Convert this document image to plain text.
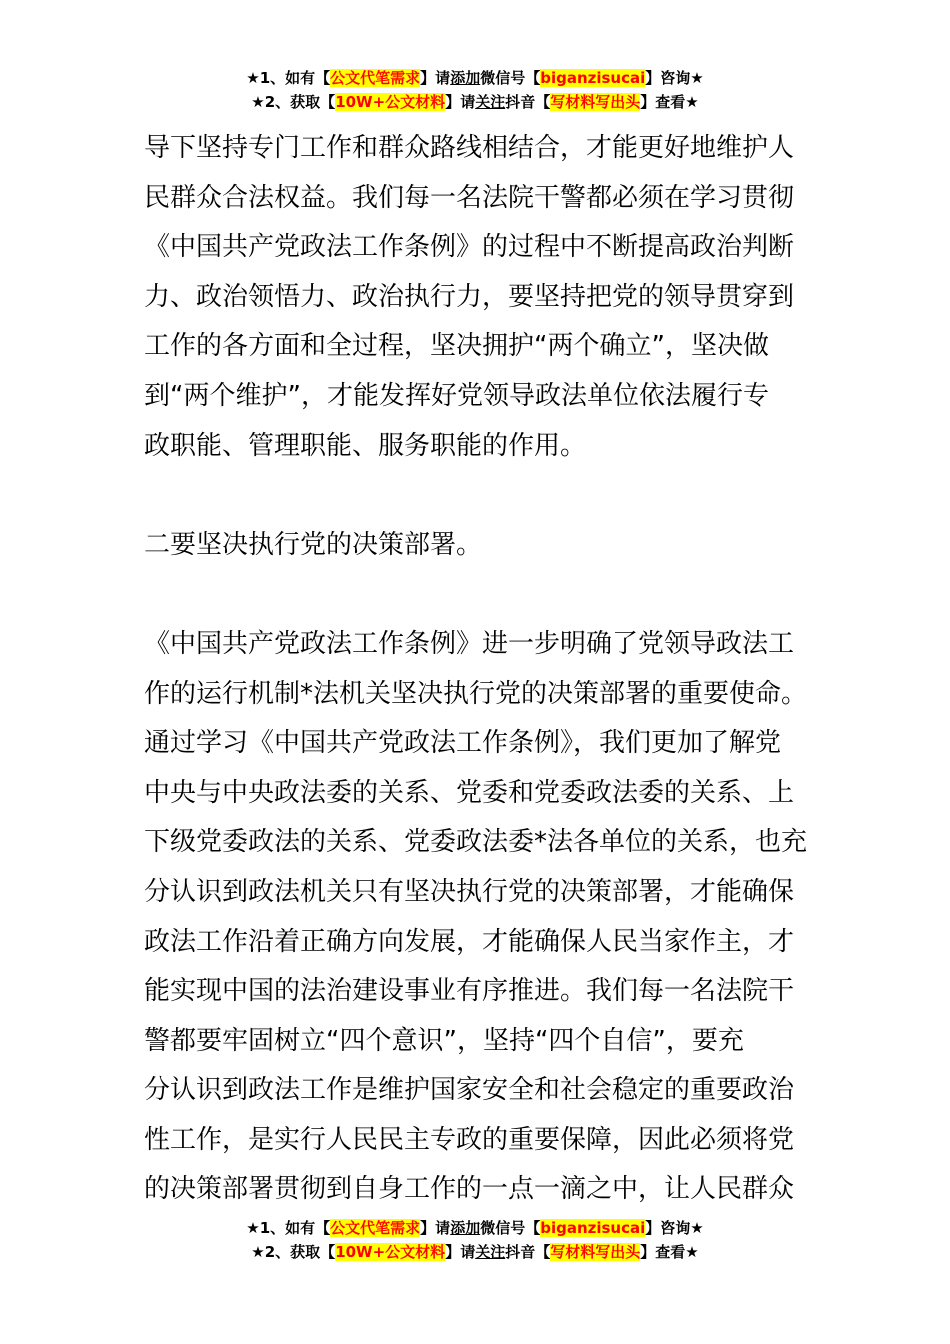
★1、如有【公文代笔需求】请添加微信号【biganzisucai】咨询★
★2、获取【10W+公文材料】请关注抖音【写材料写出头】查看★

导下坚持专门工作和群众路线相结合，才能更好地维护人
民群众合法权益。我们每一名法院干警都必须在学习贯彻
《中国共产党政法工作条例》的过程中不断提高政治判断
力、政治领悟力、政治执行力，要坚持把党的领导贯穿到
工作的各方面和全过程，坚决拥护“两个确立”，坚决做
到“两个维护”，才能发挥好党领导政法单位依法履行专
政职能、管理职能、服务职能的作用。

二要坚决执行党的决策部署。

《中国共产党政法工作条例》进一步明确了党领导政法工
作的运行机制*法机关坚决执行党的决策部署的重要使命。
通过学习《中国共产党政法工作条例》，我们更加了解党
中央与中央政法委的关系、党委和党委政法委的关系、上
下级党委政法的关系、党委政法委*法各单位的关系，也充
分认识到政法机关只有坚决执行党的决策部署，才能确保
政法工作沿着正确方向发展，才能确保人民当家作主，才
能实现中国的法治建设事业有序推进。我们每一名法院干
警都要牢固树立“四个意识”，坚持“四个自信”，要充
分认识到政法工作是维护国家安全和社会稳定的重要政治
性工作，是实行人民民主专政的重要保障，因此必须将党
的决策部署贯彻到自身工作的一点一滴之中，让人民群众

★1、如有【公文代笔需求】请添加微信号【biganzisucai】咨询★
★2、获取【10W+公文材料】请关注抖音【写材料写出头】查看★
